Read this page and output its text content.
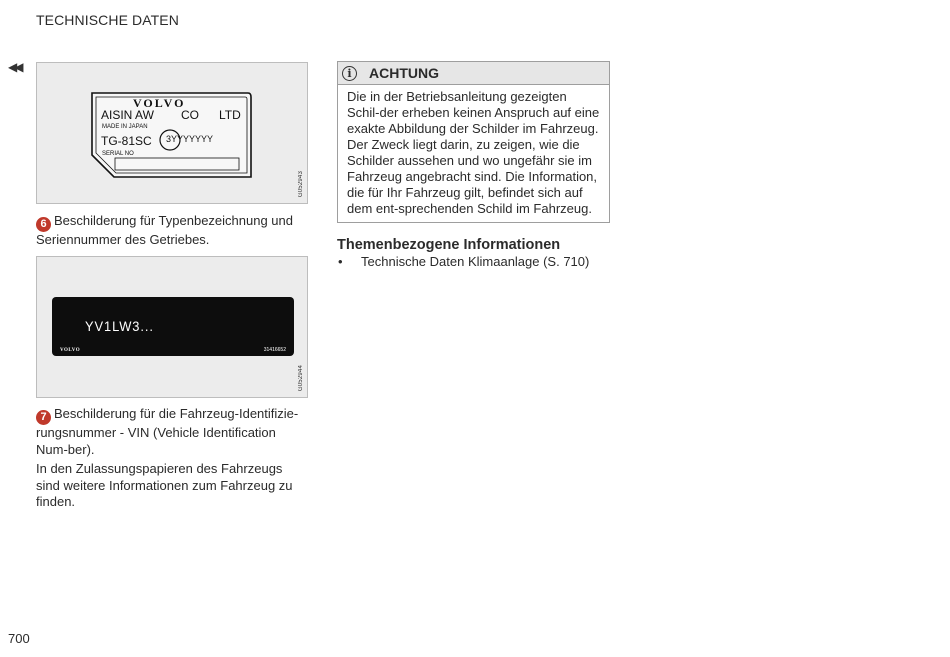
TECHNISCHE DATEN
◀◀
VOLVO
AISIN AW CO LTD
MADE IN JAPAN
TG-81SC 3YYYYYYY
SERIAL NO
G052943
6 Beschilderung für Typenbezeichnung und Seriennummer des Getriebes.
YV1LW3...
VOLVO	31416652
G052944
7 Beschilderung für die Fahrzeug-Identifizie-rungsnummer - VIN (Vehicle Identification Num-ber).
In den Zulassungspapieren des Fahrzeugs sind weitere Informationen zum Fahrzeug zu finden.
i	ACHTUNG
Die in der Betriebsanleitung gezeigten Schil-der erheben keinen Anspruch auf eine exakte Abbildung der Schilder im Fahrzeug. Der Zweck liegt darin, zu zeigen, wie die Schilder aussehen und wo ungefähr sie im Fahrzeug angebracht sind. Die Information, die für Ihr Fahrzeug gilt, befindet sich auf dem ent-sprechenden Schild im Fahrzeug.
Themenbezogene Informationen
• Technische Daten Klimaanlage (S. 710)
700
